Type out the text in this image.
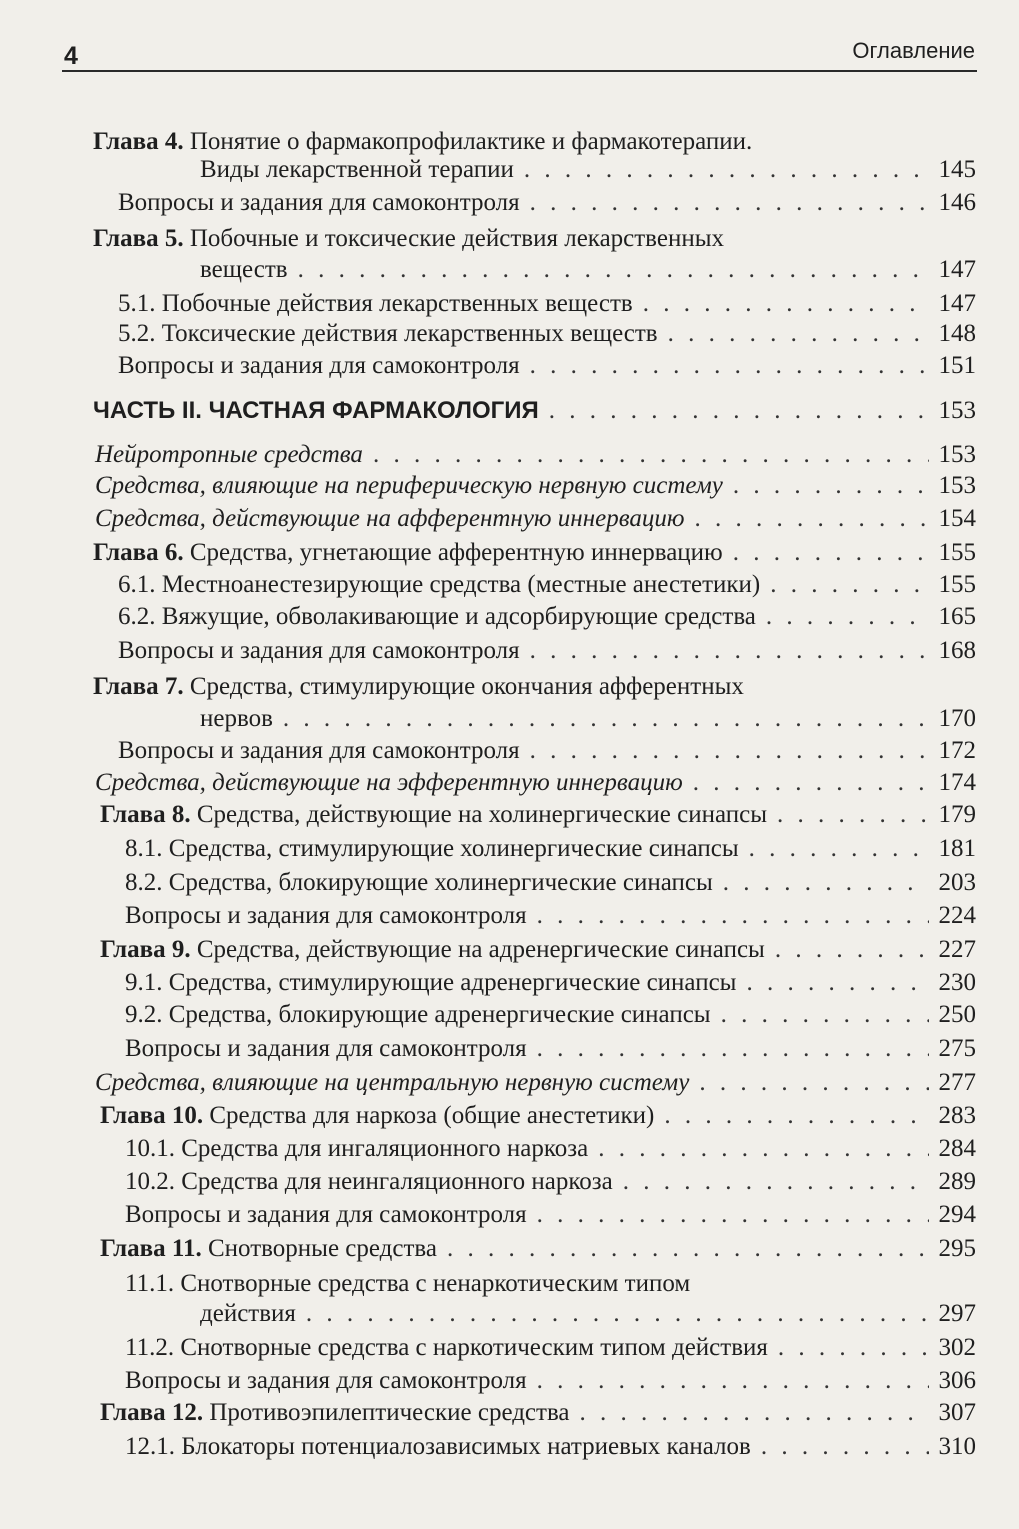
4	Оглавление
Глава 4. Понятие о фармакопрофилактике и фармакотерапии.
Виды лекарственной терапии . . .	145
Вопросы и задания для самоконтроля . . .	146
Глава 5. Побочные и токсические действия лекарственных
веществ . . .	147
5.1. Побочные действия лекарственных веществ . . .	147
5.2. Токсические действия лекарственных веществ . . .	148
Вопросы и задания для самоконтроля . . .	151
ЧАСТЬ II. ЧАСТНАЯ ФАРМАКОЛОГИЯ . . .	153
Нейротропные средства . . .	153
Средства, влияющие на периферическую нервную систему . . .	153
Средства, действующие на афферентную иннервацию . . .	154
Глава 6. Средства, угнетающие афферентную иннервацию . . .	155
6.1. Местноанестезирующие средства (местные анестетики) . . .	155
6.2. Вяжущие, обволакивающие и адсорбирующие средства . . .	165
Вопросы и задания для самоконтроля . . .	168
Глава 7. Средства, стимулирующие окончания афферентных
нервов . . .	170
Вопросы и задания для самоконтроля . . .	172
Средства, действующие на эфферентную иннервацию . . .	174
Глава 8. Средства, действующие на холинергические синапсы . . .	179
8.1. Средства, стимулирующие холинергические синапсы . . .	181
8.2. Средства, блокирующие холинергические синапсы . . .	203
Вопросы и задания для самоконтроля . . .	224
Глава 9. Средства, действующие на адренергические синапсы . . .	227
9.1. Средства, стимулирующие адренергические синапсы . . .	230
9.2. Средства, блокирующие адренергические синапсы . . .	250
Вопросы и задания для самоконтроля . . .	275
Средства, влияющие на центральную нервную систему . . .	277
Глава 10. Средства для наркоза (общие анестетики) . . .	283
10.1. Средства для ингаляционного наркоза . . .	284
10.2. Средства для неингаляционного наркоза . . .	289
Вопросы и задания для самоконтроля . . .	294
Глава 11. Снотворные средства . . .	295
11.1. Снотворные средства с ненаркотическим типом
действия . . .	297
11.2. Снотворные средства с наркотическим типом действия . . .	302
Вопросы и задания для самоконтроля . . .	306
Глава 12. Противоэпилептические средства . . .	307
12.1. Блокаторы потенциалозависимых натриевых каналов . . .	310
